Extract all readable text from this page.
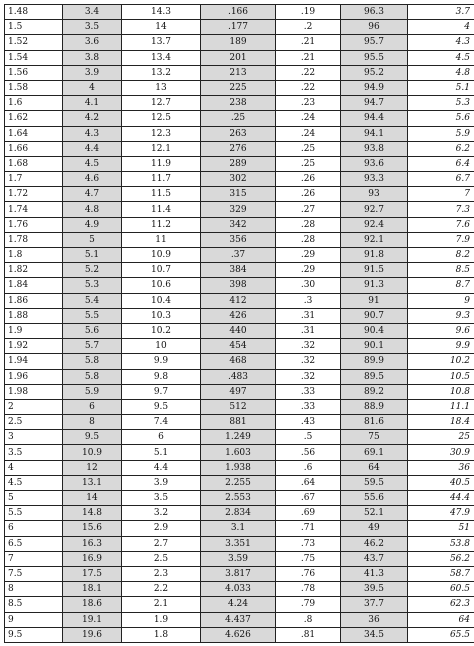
1.48	3.4	14.3	.166	.19	96.3	3.7
1.5	3.5	14	.177	.2	96	4
1.52	3.6	13.7	189	.21	95.7	4.3
1.54	3.8	13.4	201	.21	95.5	4.5
1.56	3.9	13.2	213	.22	95.2	4.8
1.58	4	13	225	.22	94.9	5.1
1.6	4.1	12.7	238	.23	94.7	5.3
1.62	4.2	12.5	.25	.24	94.4	5.6
1.64	4.3	12.3	263	.24	94.1	5.9
1.66	4.4	12.1	276	.25	93.8	6.2
1.68	4.5	11.9	289	.25	93.6	6.4
1.7	4.6	11.7	302	.26	93.3	6.7
1.72	4.7	11.5	315	.26	93	7
1.74	4.8	11.4	329	.27	92.7	7.3
1.76	4.9	11.2	342	.28	92.4	7.6
1.78	5	11	356	.28	92.1	7.9
1.8	5.1	10.9	.37	.29	91.8	8.2
1.82	5.2	10.7	384	.29	91.5	8.5
1.84	5.3	10.6	398	.30	91.3	8.7
1.86	5.4	10.4	412	.3	91	9
1.88	5.5	10.3	426	.31	90.7	9.3
1.9	5.6	10.2	440	.31	90.4	9.6
1.92	5.7	10	454	.32	90.1	9.9
1.94	5.8	9.9	468	.32	89.9	10.2
1.96	5.8	9.8	.483	.32	89.5	10.5
1.98	5.9	9.7	497	.33	89.2	10.8
2	6	9.5	512	.33	88.9	11.1
2.5	8	7.4	881	.43	81.6	18.4
3	9.5	6	1.249	.5	75	25
3.5	10.9	5.1	1.603	.56	69.1	30.9
4	12	4.4	1.938	.6	64	36
4.5	13.1	3.9	2.255	.64	59.5	40.5
5	14	3.5	2.553	.67	55.6	44.4
5.5	14.8	3.2	2.834	.69	52.1	47.9
6	15.6	2.9	3.1	.71	49	51
6.5	16.3	2.7	3.351	.73	46.2	53.8
7	16.9	2.5	3.59	.75	43.7	56.2
7.5	17.5	2.3	3.817	.76	41.3	58.7
8	18.1	2.2	4.033	.78	39.5	60.5
8.5	18.6	2.1	4.24	.79	37.7	62.3
9	19.1	1.9	4.437	.8	36	64
9.5	19.6	1.8	4.626	.81	34.5	65.5
